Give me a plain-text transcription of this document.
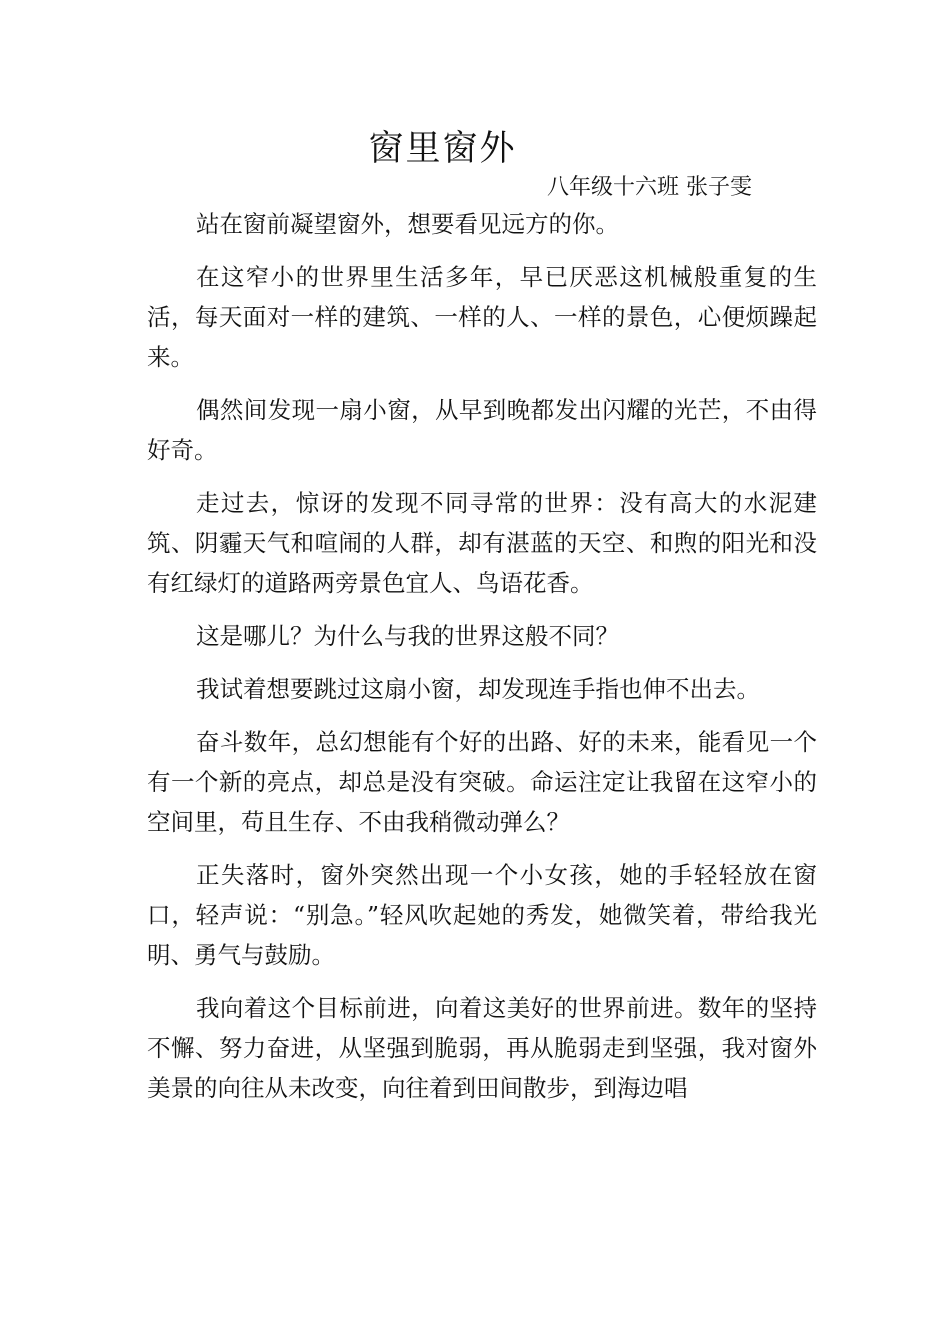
窗里窗外
八年级十六班 张子雯

站在窗前凝望窗外，想要看见远方的你。

在这窄小的世界里生活多年，早已厌恶这机械般重复的生活，每天面对一样的建筑、一样的人、一样的景色，心便烦躁起来。

偶然间发现一扇小窗，从早到晚都发出闪耀的光芒，不由得好奇。

走过去，惊讶的发现不同寻常的世界：没有高大的水泥建筑、阴霾天气和喧闹的人群，却有湛蓝的天空、和煦的阳光和没有红绿灯的道路两旁景色宜人、鸟语花香。

这是哪儿？为什么与我的世界这般不同？

我试着想要跳过这扇小窗，却发现连手指也伸不出去。

奋斗数年，总幻想能有个好的出路、好的未来，能看见一个有一个新的亮点，却总是没有突破。命运注定让我留在这窄小的空间里，苟且生存、不由我稍微动弹么？

正失落时，窗外突然出现一个小女孩，她的手轻轻放在窗口，轻声说：“别急。”轻风吹起她的秀发，她微笑着，带给我光明、勇气与鼓励。

我向着这个目标前进，向着这美好的世界前进。数年的坚持不懈、努力奋进，从坚强到脆弱，再从脆弱走到坚强，我对窗外美景的向往从未改变，向往着到田间散步，到海边唱
